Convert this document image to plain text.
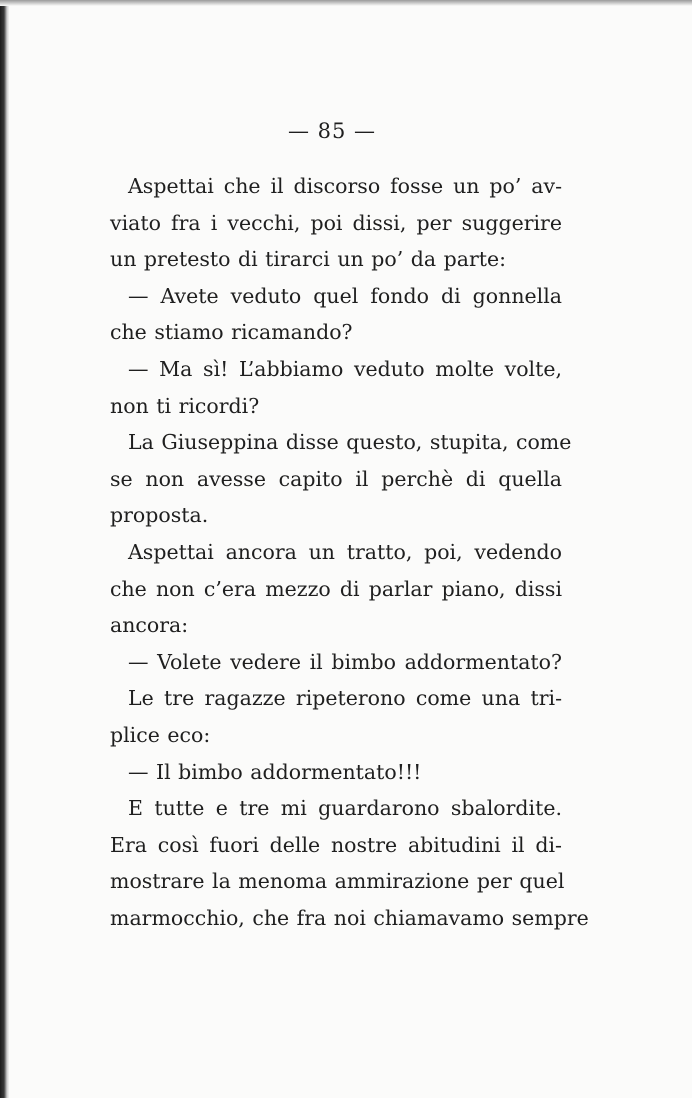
— 85 —
Aspettai che il discorso fosse un po’ av-
viato fra i vecchi, poi dissi, per suggerire
un pretesto di tirarci un po’ da parte:
— Avete veduto quel fondo di gonnella
che stiamo ricamando?
— Ma sì! L’abbiamo veduto molte volte,
non ti ricordi?
La Giuseppina disse questo, stupita, come
se non avesse capito il perchè di quella
proposta.
Aspettai ancora un tratto, poi, vedendo
che non c’era mezzo di parlar piano, dissi
ancora:
— Volete vedere il bimbo addormentato?
Le tre ragazze ripeterono come una tri-
plice eco:
— Il bimbo addormentato!!!
E tutte e tre mi guardarono sbalordite.
Era così fuori delle nostre abitudini il di-
mostrare la menoma ammirazione per quel
marmocchio, che fra noi chiamavamo sempre
